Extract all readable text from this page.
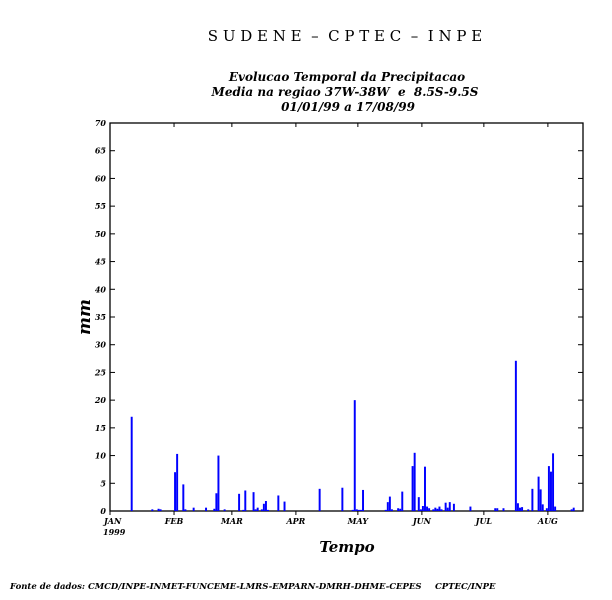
S U D E N E  –  C P T E C  –  I N P E
Evolucao Temporal da Precipitacao
Media na regiao 37W-38W  e  8.5S-9.5S
01/01/99 a 17/08/99
0
5
10
15
20
25
30
35
40
45
50
55
60
65
70
JAN	FEB	MAR	APR	MAY	JUN	JUL	AUG
1999
mm
Tempo
Fonte de dados: CMCD/INPE-INMET-FUNCEME-LMRS-EMPARN-DMRH-DHME-CEPES CPTEC/INPE
